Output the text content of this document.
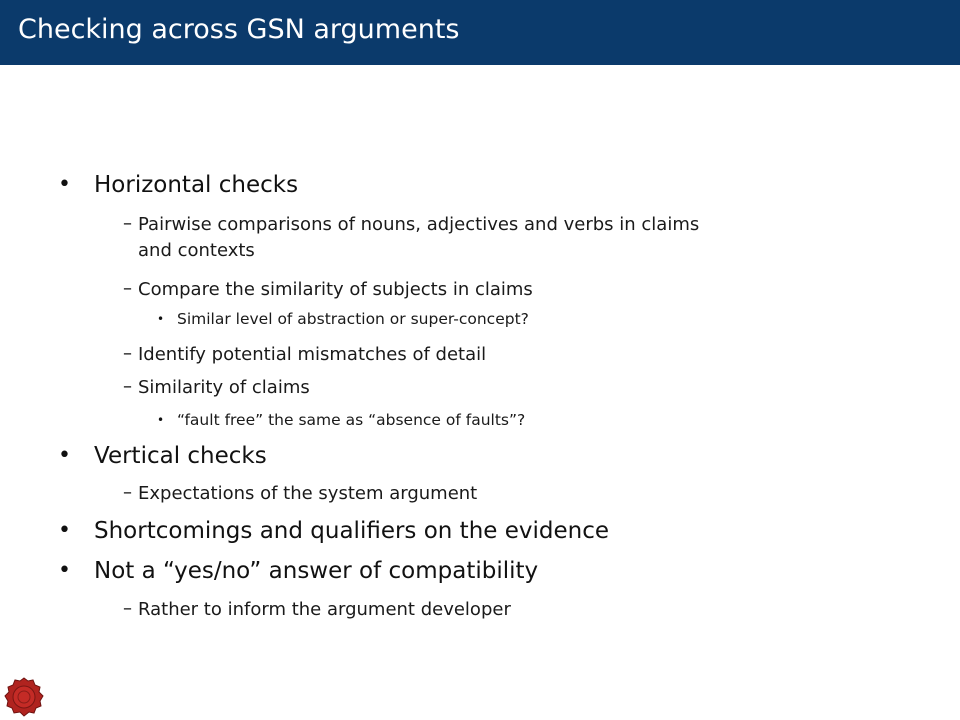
Checking across GSN arguments
• Horizontal checks
– Pairwise comparisons of nouns, adjectives and verbs in claims
and contexts
– Compare the similarity of subjects in claims
• Similar level of abstraction or super-concept?
– Identify potential mismatches of detail
– Similarity of claims
• “fault free” the same as “absence of faults”?
• Vertical checks
– Expectations of the system argument
• Shortcomings and qualifiers on the evidence
• Not a “yes/no” answer of compatibility
– Rather to inform the argument developer
